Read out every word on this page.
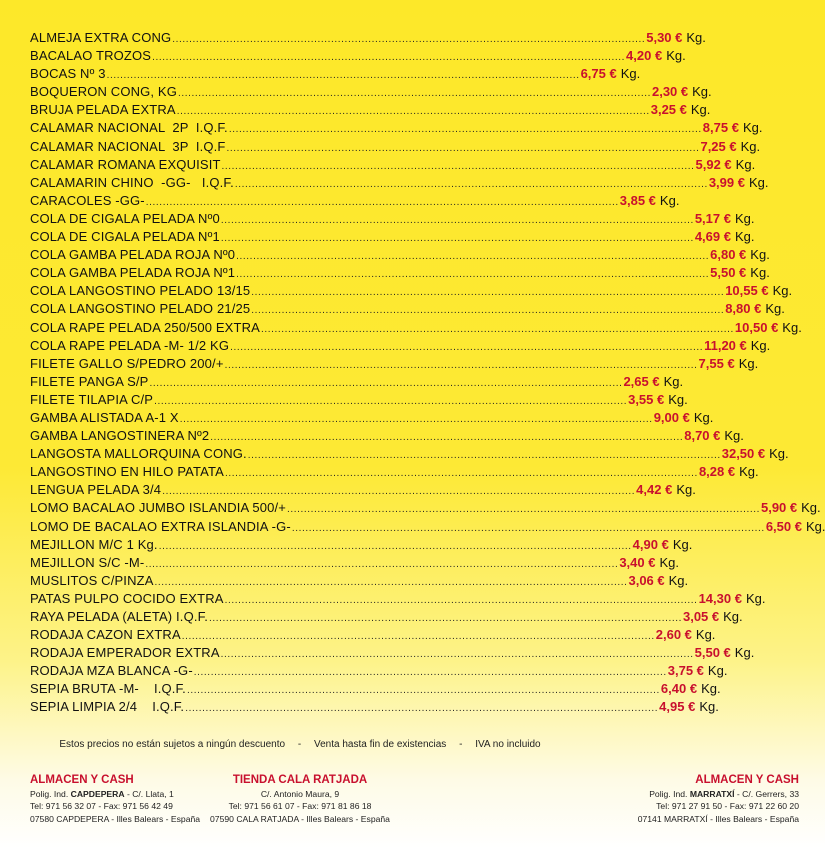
ALMEJA EXTRA CONG ............................................................................................................................................ 5,30 € Kg.
BACALAO TROZOS ............................................................................................................................................ 4,20 € Kg.
BOCAS Nº 3 ............................................................................................................................................ 6,75 € Kg.
BOQUERON CONG, KG ............................................................................................................................................ 2,30 € Kg.
BRUJA PELADA EXTRA ............................................................................................................................................ 3,25 € Kg.
CALAMAR NACIONAL  2P  I.Q.F. ............................................................................................................................................ 8,75 € Kg.
CALAMAR NACIONAL  3P  I.Q.F ............................................................................................................................................ 7,25 € Kg.
CALAMAR ROMANA EXQUISIT ............................................................................................................................................ 5,92 € Kg.
CALAMARIN CHINO  -GG-   I.Q.F. ............................................................................................................................................ 3,99 € Kg.
CARACOLES -GG- ............................................................................................................................................ 3,85 € Kg.
COLA DE CIGALA PELADA Nº0 ............................................................................................................................................ 5,17 € Kg.
COLA DE CIGALA PELADA Nº1 ............................................................................................................................................ 4,69 € Kg.
COLA GAMBA PELADA ROJA Nº0 ............................................................................................................................................ 6,80 € Kg.
COLA GAMBA PELADA ROJA Nº1 ............................................................................................................................................ 5,50 € Kg.
COLA LANGOSTINO PELADO 13/15 ............................................................................................................................................ 10,55 € Kg.
COLA LANGOSTINO PELADO 21/25 ............................................................................................................................................ 8,80 € Kg.
COLA RAPE PELADA 250/500 EXTRA ............................................................................................................................................ 10,50 € Kg.
COLA RAPE PELADA -M- 1/2 KG ............................................................................................................................................ 11,20 € Kg.
FILETE GALLO S/PEDRO 200/+ ............................................................................................................................................ 7,55 € Kg.
FILETE PANGA S/P ............................................................................................................................................ 2,65 € Kg.
FILETE TILAPIA C/P ............................................................................................................................................ 3,55 € Kg.
GAMBA ALISTADA A-1 X ............................................................................................................................................ 9,00 € Kg.
GAMBA LANGOSTINERA Nº2 ............................................................................................................................................ 8,70 € Kg.
LANGOSTA MALLORQUINA CONG. ............................................................................................................................................ 32,50 € Kg.
LANGOSTINO EN HILO PATATA ............................................................................................................................................ 8,28 € Kg.
LENGUA PELADA 3/4 ............................................................................................................................................ 4,42 € Kg.
LOMO BACALAO JUMBO ISLANDIA 500/+ ............................................................................................................................................ 5,90 € Kg.
LOMO DE BACALAO EXTRA ISLANDIA -G- ............................................................................................................................................ 6,50 € Kg.
MEJILLON M/C 1 Kg. ............................................................................................................................................ 4,90 € Kg.
MEJILLON S/C -M- ............................................................................................................................................ 3,40 € Kg.
MUSLITOS C/PINZA ............................................................................................................................................ 3,06 € Kg.
PATAS PULPO COCIDO EXTRA ............................................................................................................................................ 14,30 € Kg.
RAYA PELADA (ALETA) I.Q.F. ............................................................................................................................................ 3,05 € Kg.
RODAJA CAZON EXTRA ............................................................................................................................................ 2,60 € Kg.
RODAJA EMPERADOR EXTRA ............................................................................................................................................ 5,50 € Kg.
RODAJA MZA BLANCA -G- ............................................................................................................................................ 3,75 € Kg.
SEPIA BRUTA -M-    I.Q.F. ............................................................................................................................................ 6,40 € Kg.
SEPIA LIMPIA 2/4    I.Q.F. ............................................................................................................................................ 4,95 € Kg.
Estos precios no están sujetos a ningún descuento - Venta hasta fin de existencias - IVA no incluido
ALMACEN Y CASH
Polig. Ind. CAPDEPERA - C/. Llata, 1
Tel: 971 56 32 07 - Fax: 971 56 42 49
07580 CAPDEPERA - Illes Balears - España
TIENDA CALA RATJADA
C/. Antonio Maura, 9
Tel: 971 56 61 07 - Fax: 971 81 86 18
07590 CALA RATJADA - Illes Balears - España
ALMACEN Y CASH
Polig. Ind. MARRATXÍ - C/. Gerrers, 33
Tel: 971 27 91 50 - Fax: 971 22 60 20
07141 MARRATXÍ - Illes Balears - España
